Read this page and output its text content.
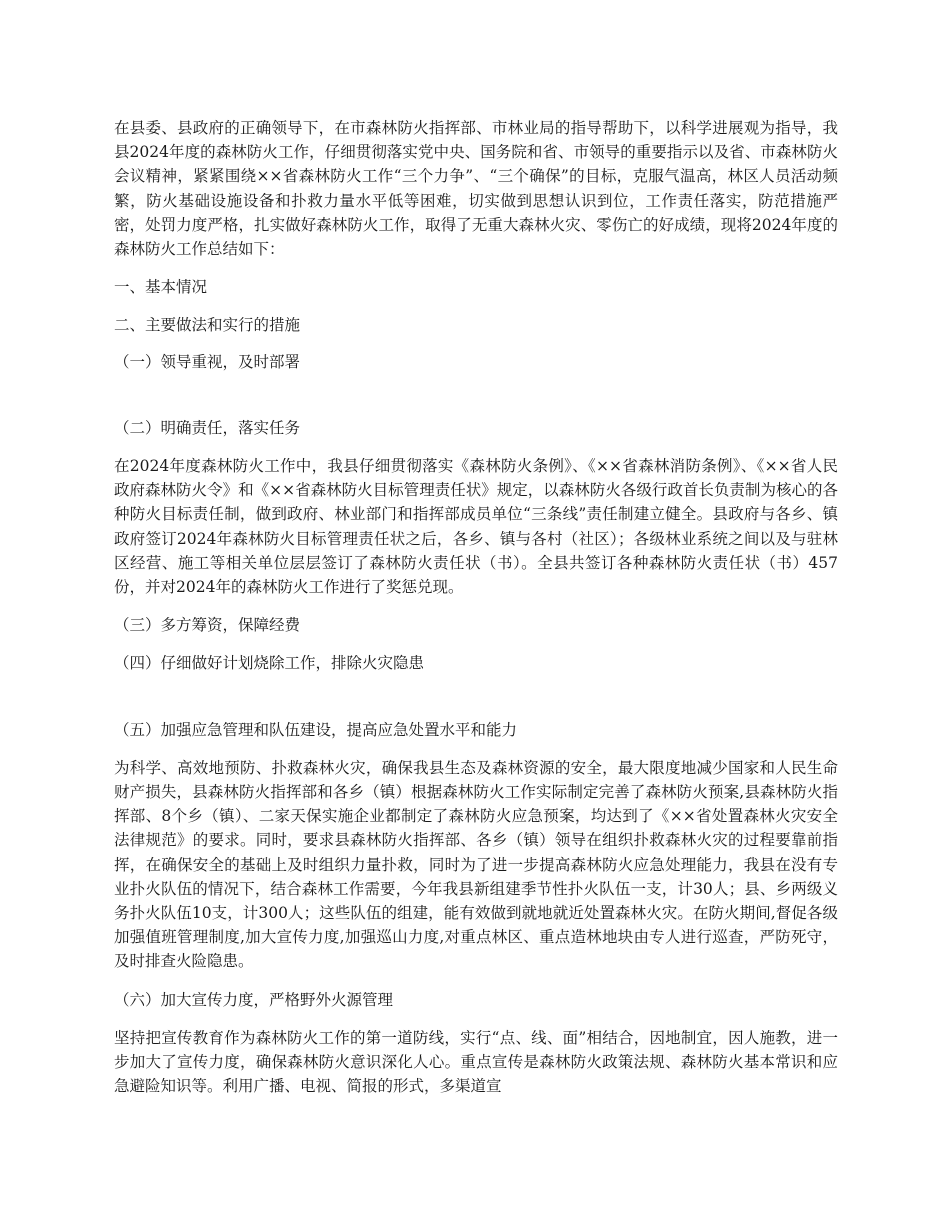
在县委、县政府的正确领导下，在市森林防火指挥部、市林业局的指导帮助下，以科学进展观为指导，我县2024年度的森林防火工作，仔细贯彻落实党中央、国务院和省、市领导的重要指示以及省、市森林防火会议精神，紧紧围绕××省森林防火工作“三个力争”、“三个确保”的目标，克服气温高，林区人员活动频繁，防火基础设施设备和扑救力量水平低等困难，切实做到思想认识到位，工作责任落实，防范措施严密，处罚力度严格，扎实做好森林防火工作，取得了无重大森林火灾、零伤亡的好成绩，现将2024年度的森林防火工作总结如下：

一、基本情况

二、主要做法和实行的措施

（一）领导重视，及时部署

（二）明确责任，落实任务

在2024年度森林防火工作中，我县仔细贯彻落实《森林防火条例》、《××省森林消防条例》、《××省人民政府森林防火令》和《××省森林防火目标管理责任状》规定，以森林防火各级行政首长负责制为核心的各种防火目标责任制，做到政府、林业部门和指挥部成员单位“三条线”责任制建立健全。县政府与各乡、镇政府签订2024年森林防火目标管理责任状之后，各乡、镇与各村（社区）；各级林业系统之间以及与驻林区经营、施工等相关单位层层签订了森林防火责任状（书）。全县共签订各种森林防火责任状（书）457份，并对2024年的森林防火工作进行了奖惩兑现。

（三）多方筹资，保障经费

（四）仔细做好计划烧除工作，排除火灾隐患

（五）加强应急管理和队伍建设，提高应急处置水平和能力

为科学、高效地预防、扑救森林火灾，确保我县生态及森林资源的安全，最大限度地减少国家和人民生命财产损失，县森林防火指挥部和各乡（镇）根据森林防火工作实际制定完善了森林防火预案,县森林防火指挥部、8个乡（镇）、二家天保实施企业都制定了森林防火应急预案，均达到了《××省处置森林火灾安全法律规范》的要求。同时，要求县森林防火指挥部、各乡（镇）领导在组织扑救森林火灾的过程要靠前指挥，在确保安全的基础上及时组织力量扑救，同时为了进一步提高森林防火应急处理能力，我县在没有专业扑火队伍的情况下，结合森林工作需要，今年我县新组建季节性扑火队伍一支，计30人；县、乡两级义务扑火队伍10支，计300人；这些队伍的组建，能有效做到就地就近处置森林火灾。在防火期间,督促各级加强值班管理制度,加大宣传力度,加强巡山力度,对重点林区、重点造林地块由专人进行巡查，严防死守，及时排查火险隐患。

（六）加大宣传力度，严格野外火源管理

坚持把宣传教育作为森林防火工作的第一道防线，实行“点、线、面”相结合，因地制宜，因人施教，进一步加大了宣传力度，确保森林防火意识深化人心。重点宣传是森林防火政策法规、森林防火基本常识和应急避险知识等。利用广播、电视、简报的形式，多渠道宣
